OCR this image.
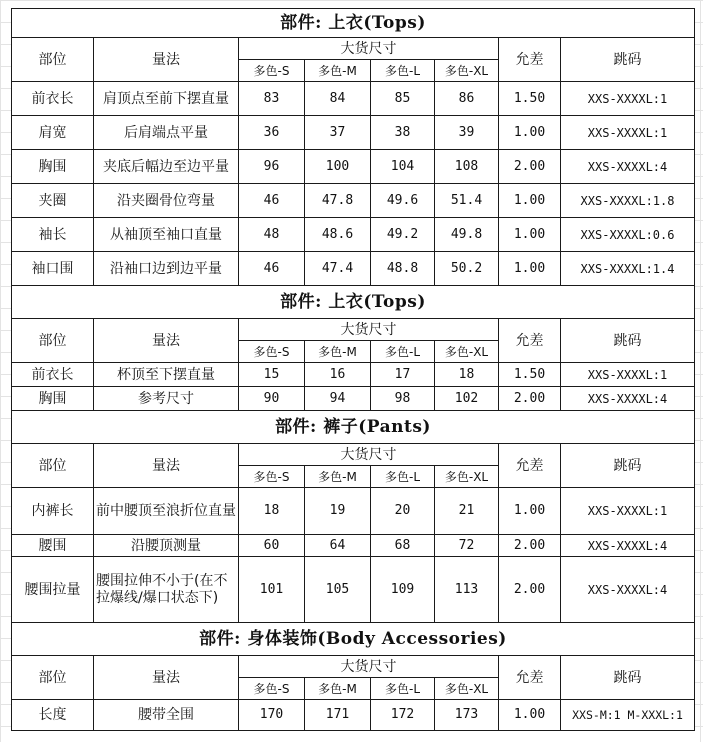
部件: 上衣(Tops)							
部位	量法	大货尺寸				允差	跳码
		多色-S	多色-M	多色-L	多色-XL		
前衣长	肩顶点至前下摆直量	83	84	85	86	1.50	XXS-XXXXL:1
肩宽	后肩端点平量	36	37	38	39	1.00	XXS-XXXXL:1
胸围	夹底后幅边至边平量	96	100	104	108	2.00	XXS-XXXXL:4
夹圈	沿夹圈骨位弯量	46	47.8	49.6	51.4	1.00	XXS-XXXXL:1.8
袖长	从袖顶至袖口直量	48	48.6	49.2	49.8	1.00	XXS-XXXXL:0.6
袖口围	沿袖口边到边平量	46	47.4	48.8	50.2	1.00	XXS-XXXXL:1.4
部件: 上衣(Tops)							
部位	量法	大货尺寸				允差	跳码
		多色-S	多色-M	多色-L	多色-XL		
前衣长	杯顶至下摆直量	15	16	17	18	1.50	XXS-XXXXL:1
胸围	参考尺寸	90	94	98	102	2.00	XXS-XXXXL:4
部件: 裤子(Pants)							
部位	量法	大货尺寸				允差	跳码
		多色-S	多色-M	多色-L	多色-XL		
内裤长	前中腰顶至浪折位直量	18	19	20	21	1.00	XXS-XXXXL:1
腰围	沿腰顶测量	60	64	68	72	2.00	XXS-XXXXL:4
腰围拉量	腰围拉伸不小于(在不拉爆线/爆口状态下)	101	105	109	113	2.00	XXS-XXXXL:4
部件: 身体装饰(Body Accessories)							
部位	量法	大货尺寸				允差	跳码
		多色-S	多色-M	多色-L	多色-XL		
长度	腰带全围	170	171	172	173	1.00	XXS-M:1 M-XXXL:1
